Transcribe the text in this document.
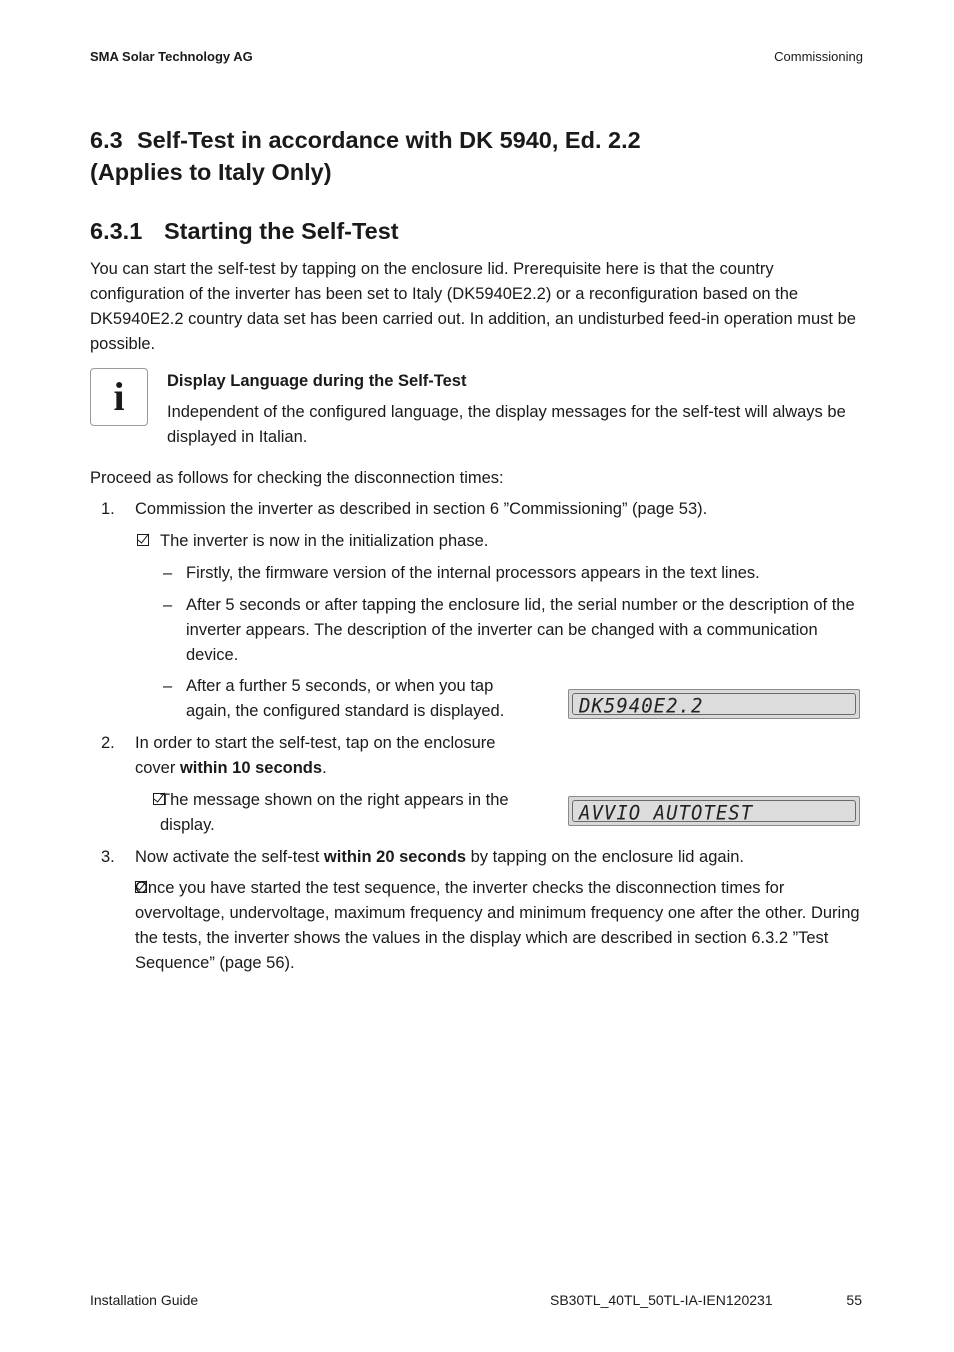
SMA Solar Technology AG	Commissioning
6.3 Self-Test in accordance with DK 5940, Ed. 2.2
(Applies to Italy Only)
6.3.1 Starting the Self-Test

You can start the self-test by tapping on the enclosure lid. Prerequisite here is that the country configuration of the inverter has been set to Italy (DK5940E2.2) or a reconfiguration based on the DK5940E2.2 country data set has been carried out. In addition, an undisturbed feed-in operation must be possible.

i	Display Language during the Self-Test

Independent of the configured language, the display messages for the self-test will always be displayed in Italian.

Proceed as follows for checking the disconnection times:

1. Commission the inverter as described in section 6 ”Commissioning” (page 53).

The inverter is now in the initialization phase.

– Firstly, the firmware version of the internal processors appears in the text lines.

– After 5 seconds or after tapping the enclosure lid, the serial number or the description of the inverter appears. The description of the inverter can be changed with a communication device.

– After a further 5 seconds, or when you tap again, the configured standard is displayed.	DK5940E2.2
2. In order to start the self-test, tap on the enclosure cover within 10 seconds.

The message shown on the right appears in the display.

AVVIO AUTOTEST
3. Now activate the self-test within 20 seconds by tapping on the enclosure lid again.

Once you have started the test sequence, the inverter checks the disconnection times for overvoltage, undervoltage, maximum frequency and minimum frequency one after the other. During the tests, the inverter shows the values in the display which are described in section 6.3.2 ”Test Sequence” (page 56).

Installation Guide	SB30TL_40TL_50TL-IA-IEN120231	55
